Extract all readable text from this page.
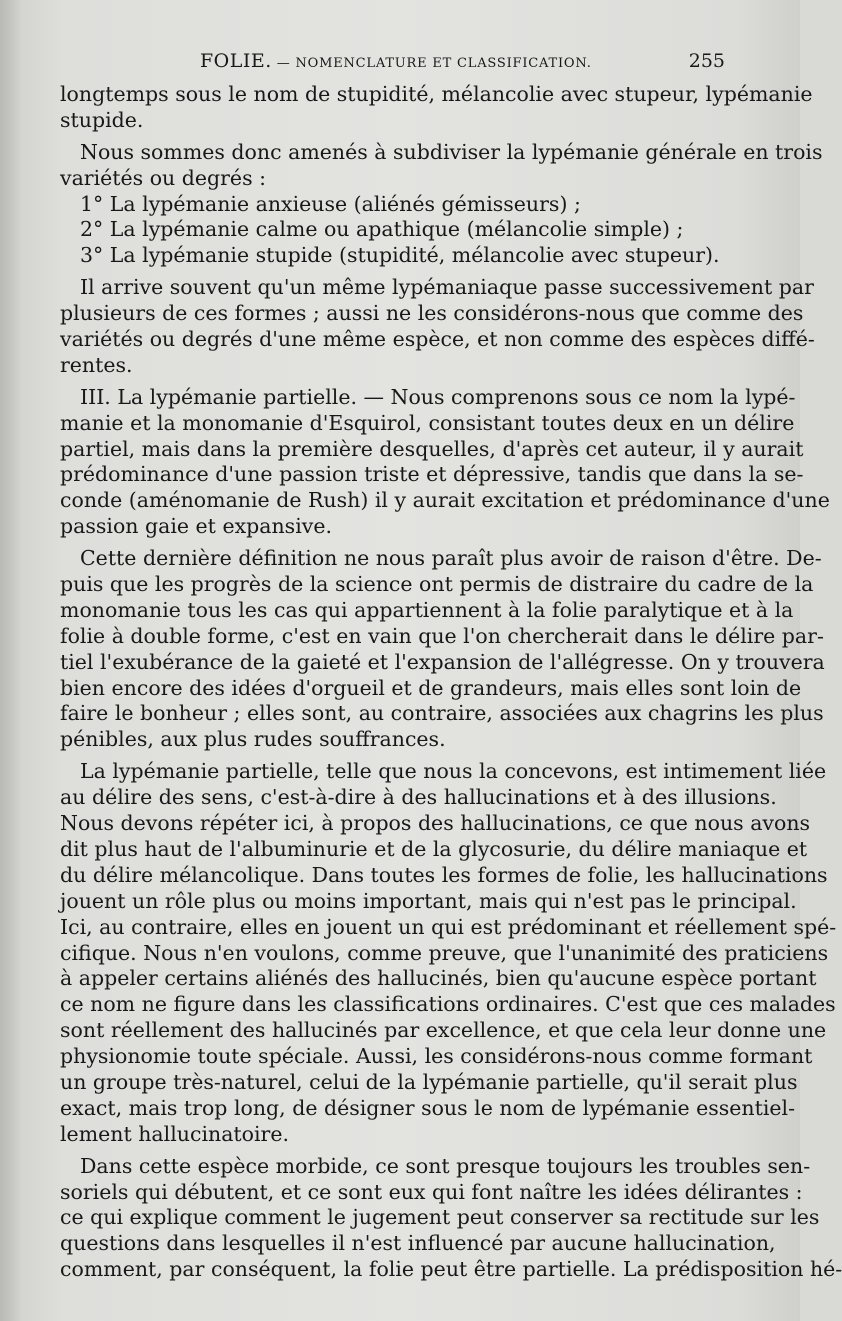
FOLIE. — NOMENCLATURE ET CLASSIFICATION.	255
longtemps sous le nom de stupidité, mélancolie avec stupeur, lypémanie
stupide.
Nous sommes donc amenés à subdiviser la lypémanie générale en trois
variétés ou degrés :
1° La lypémanie anxieuse (aliénés gémisseurs) ;
2° La lypémanie calme ou apathique (mélancolie simple) ;
3° La lypémanie stupide (stupidité, mélancolie avec stupeur).
Il arrive souvent qu'un même lypémaniaque passe successivement par
plusieurs de ces formes ; aussi ne les considérons-nous que comme des
variétés ou degrés d'une même espèce, et non comme des espèces diffé-
rentes.
III. La lypémanie partielle. — Nous comprenons sous ce nom la lypé-
manie et la monomanie d'Esquirol, consistant toutes deux en un délire
partiel, mais dans la première desquelles, d'après cet auteur, il y aurait
prédominance d'une passion triste et dépressive, tandis que dans la se-
conde (aménomanie de Rush) il y aurait excitation et prédominance d'une
passion gaie et expansive.
Cette dernière définition ne nous paraît plus avoir de raison d'être. De-
puis que les progrès de la science ont permis de distraire du cadre de la
monomanie tous les cas qui appartiennent à la folie paralytique et à la
folie à double forme, c'est en vain que l'on chercherait dans le délire par-
tiel l'exubérance de la gaieté et l'expansion de l'allégresse. On y trouvera
bien encore des idées d'orgueil et de grandeurs, mais elles sont loin de
faire le bonheur ; elles sont, au contraire, associées aux chagrins les plus
pénibles, aux plus rudes souffrances.
La lypémanie partielle, telle que nous la concevons, est intimement liée
au délire des sens, c'est-à-dire à des hallucinations et à des illusions.
Nous devons répéter ici, à propos des hallucinations, ce que nous avons
dit plus haut de l'albuminurie et de la glycosurie, du délire maniaque et
du délire mélancolique. Dans toutes les formes de folie, les hallucinations
jouent un rôle plus ou moins important, mais qui n'est pas le principal.
Ici, au contraire, elles en jouent un qui est prédominant et réellement spé-
cifique. Nous n'en voulons, comme preuve, que l'unanimité des praticiens
à appeler certains aliénés des hallucinés, bien qu'aucune espèce portant
ce nom ne figure dans les classifications ordinaires. C'est que ces malades
sont réellement des hallucinés par excellence, et que cela leur donne une
physionomie toute spéciale. Aussi, les considérons-nous comme formant
un groupe très-naturel, celui de la lypémanie partielle, qu'il serait plus
exact, mais trop long, de désigner sous le nom de lypémanie essentiel-
lement hallucinatoire.
Dans cette espèce morbide, ce sont presque toujours les troubles sen-
soriels qui débutent, et ce sont eux qui font naître les idées délirantes :
ce qui explique comment le jugement peut conserver sa rectitude sur les
questions dans lesquelles il n'est influencé par aucune hallucination,
comment, par conséquent, la folie peut être partielle. La prédisposition hé-
